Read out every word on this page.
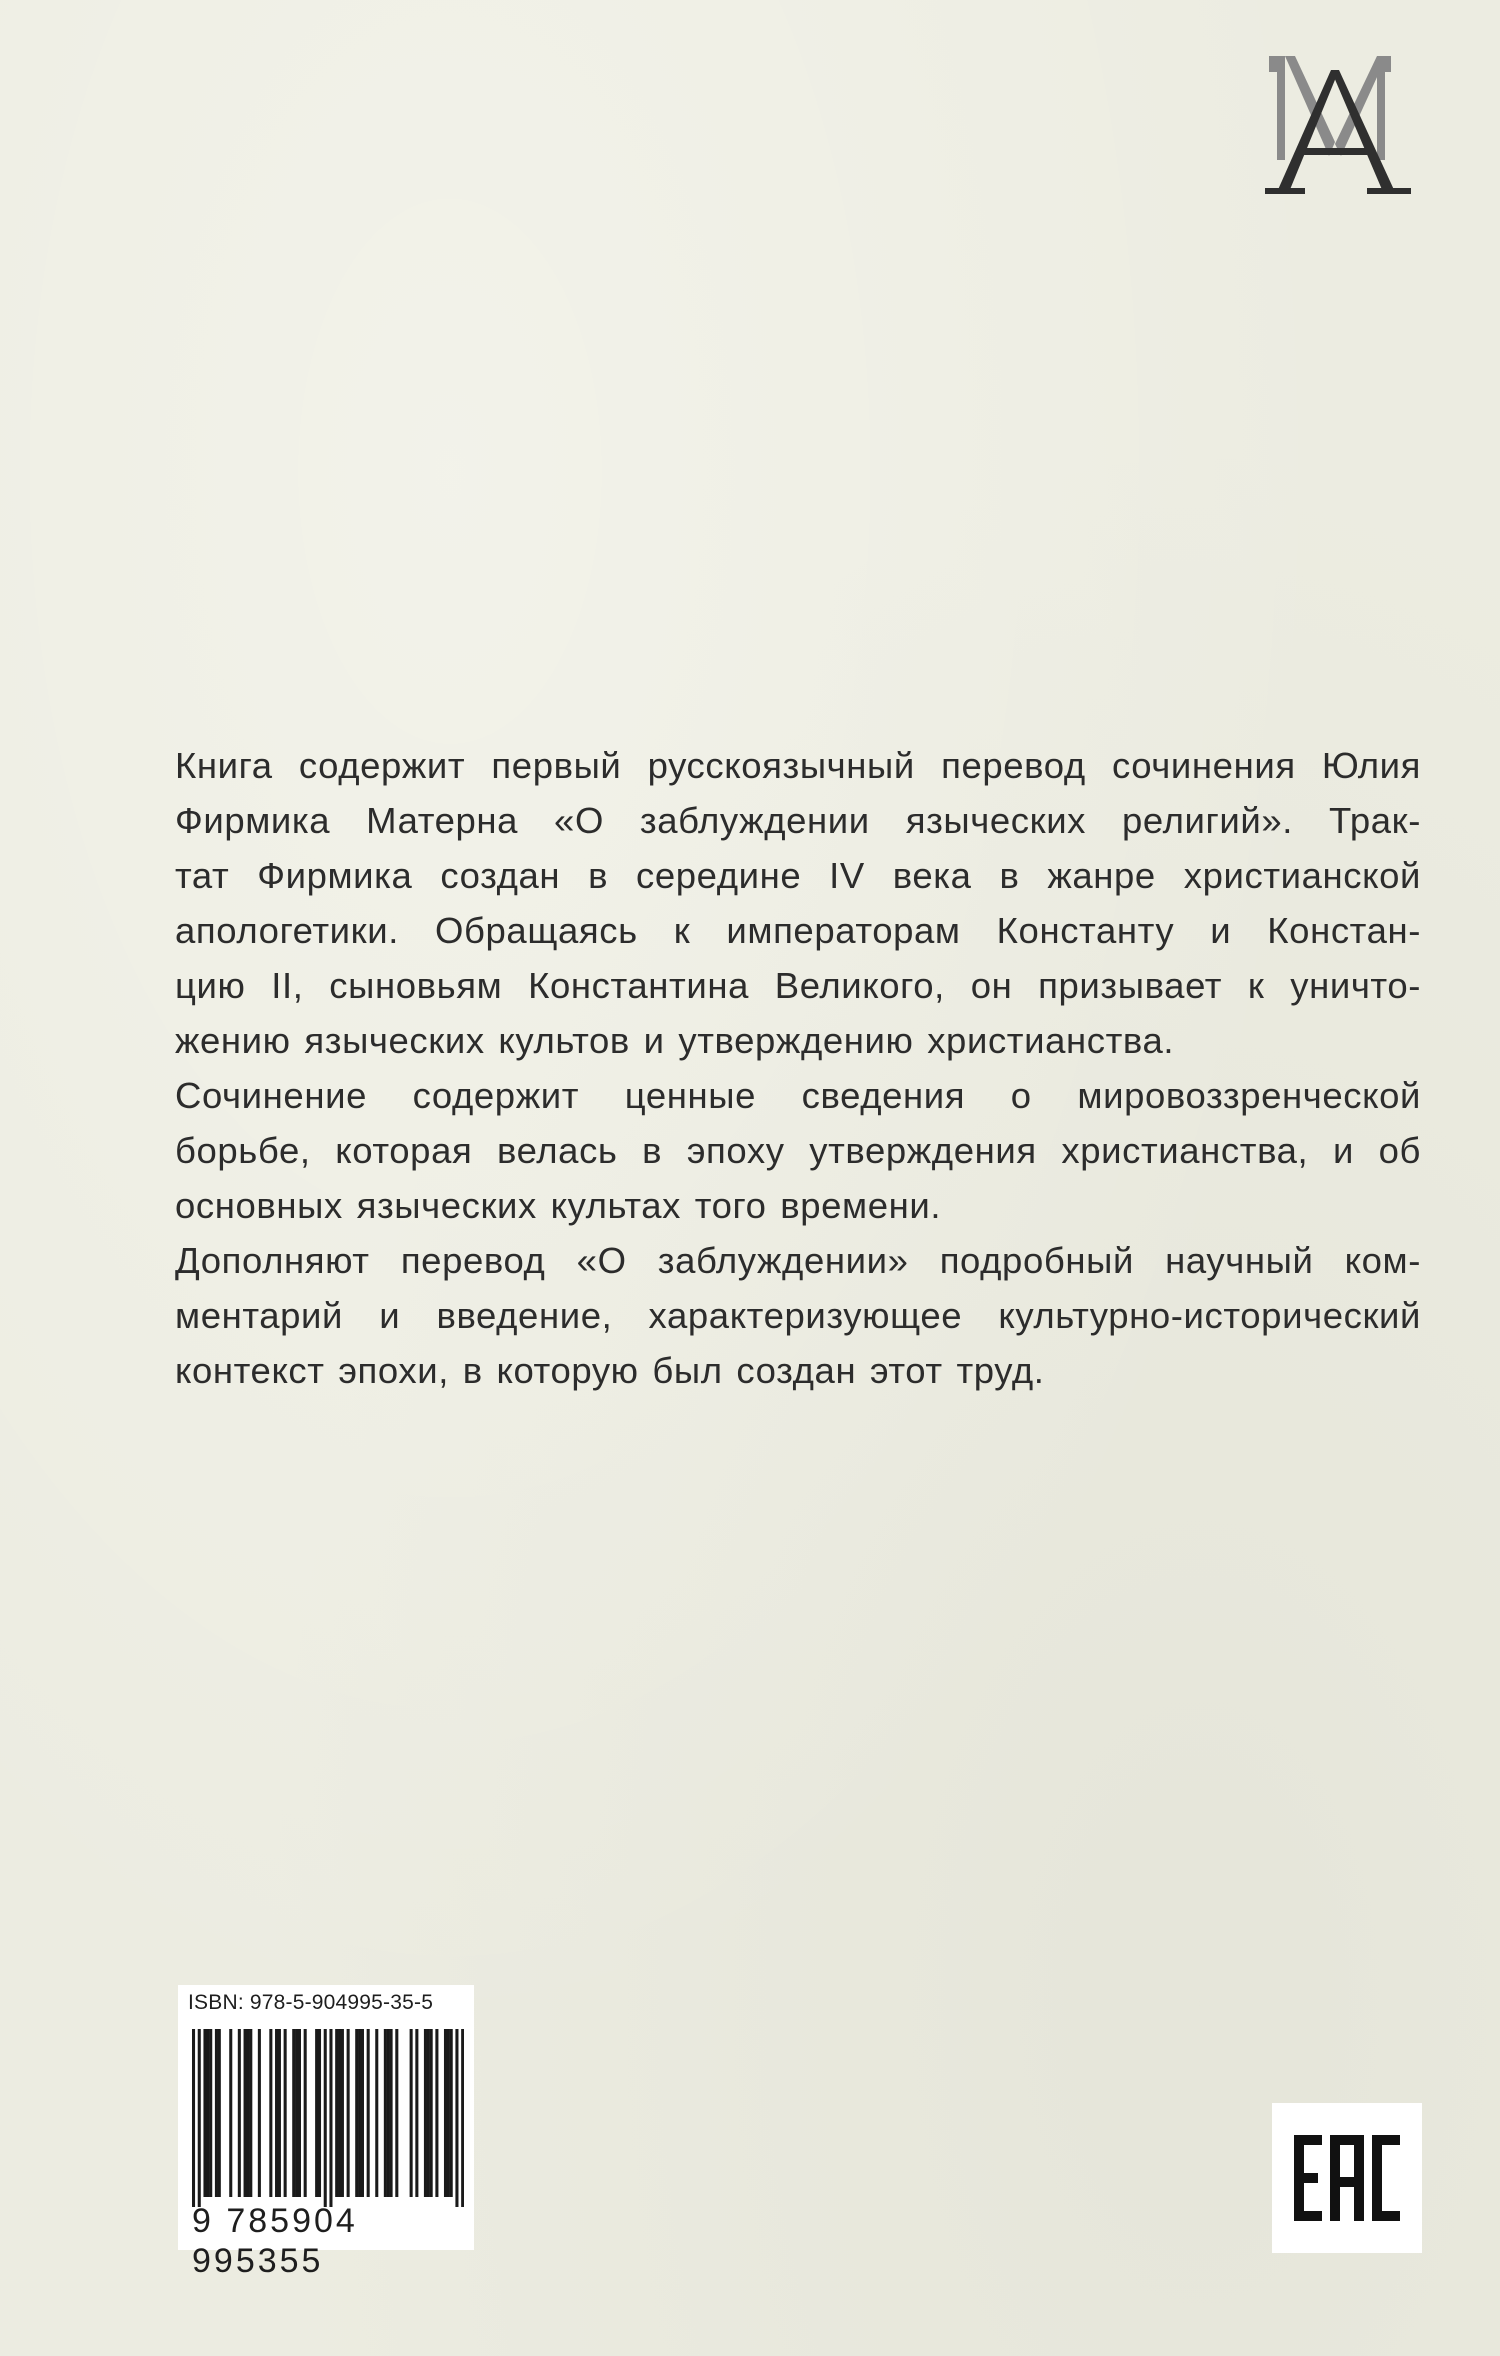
Книга содержит первый русскоязычный перевод сочинения Юлия
Фирмика Матерна «О заблуждении языческих религий». Трак-
тат Фирмика создан в середине IV века в жанре христианской
апологетики. Обращаясь к императорам Константу и Констан-
цию II, сыновьям Константина Великого, он призывает к уничто-
жению языческих культов и утверждению христианства.
Сочинение содержит ценные сведения о мировоззренческой
борьбе, которая велась в эпоху утверждения христианства, и об
основных языческих культах того времени.
Дополняют перевод «О заблуждении» подробный научный ком-
ментарий и введение, характеризующее культурно-исторический
контекст эпохи, в которую был создан этот труд.
ISBN: 978-5-904995-35-5
9 785904 995355
